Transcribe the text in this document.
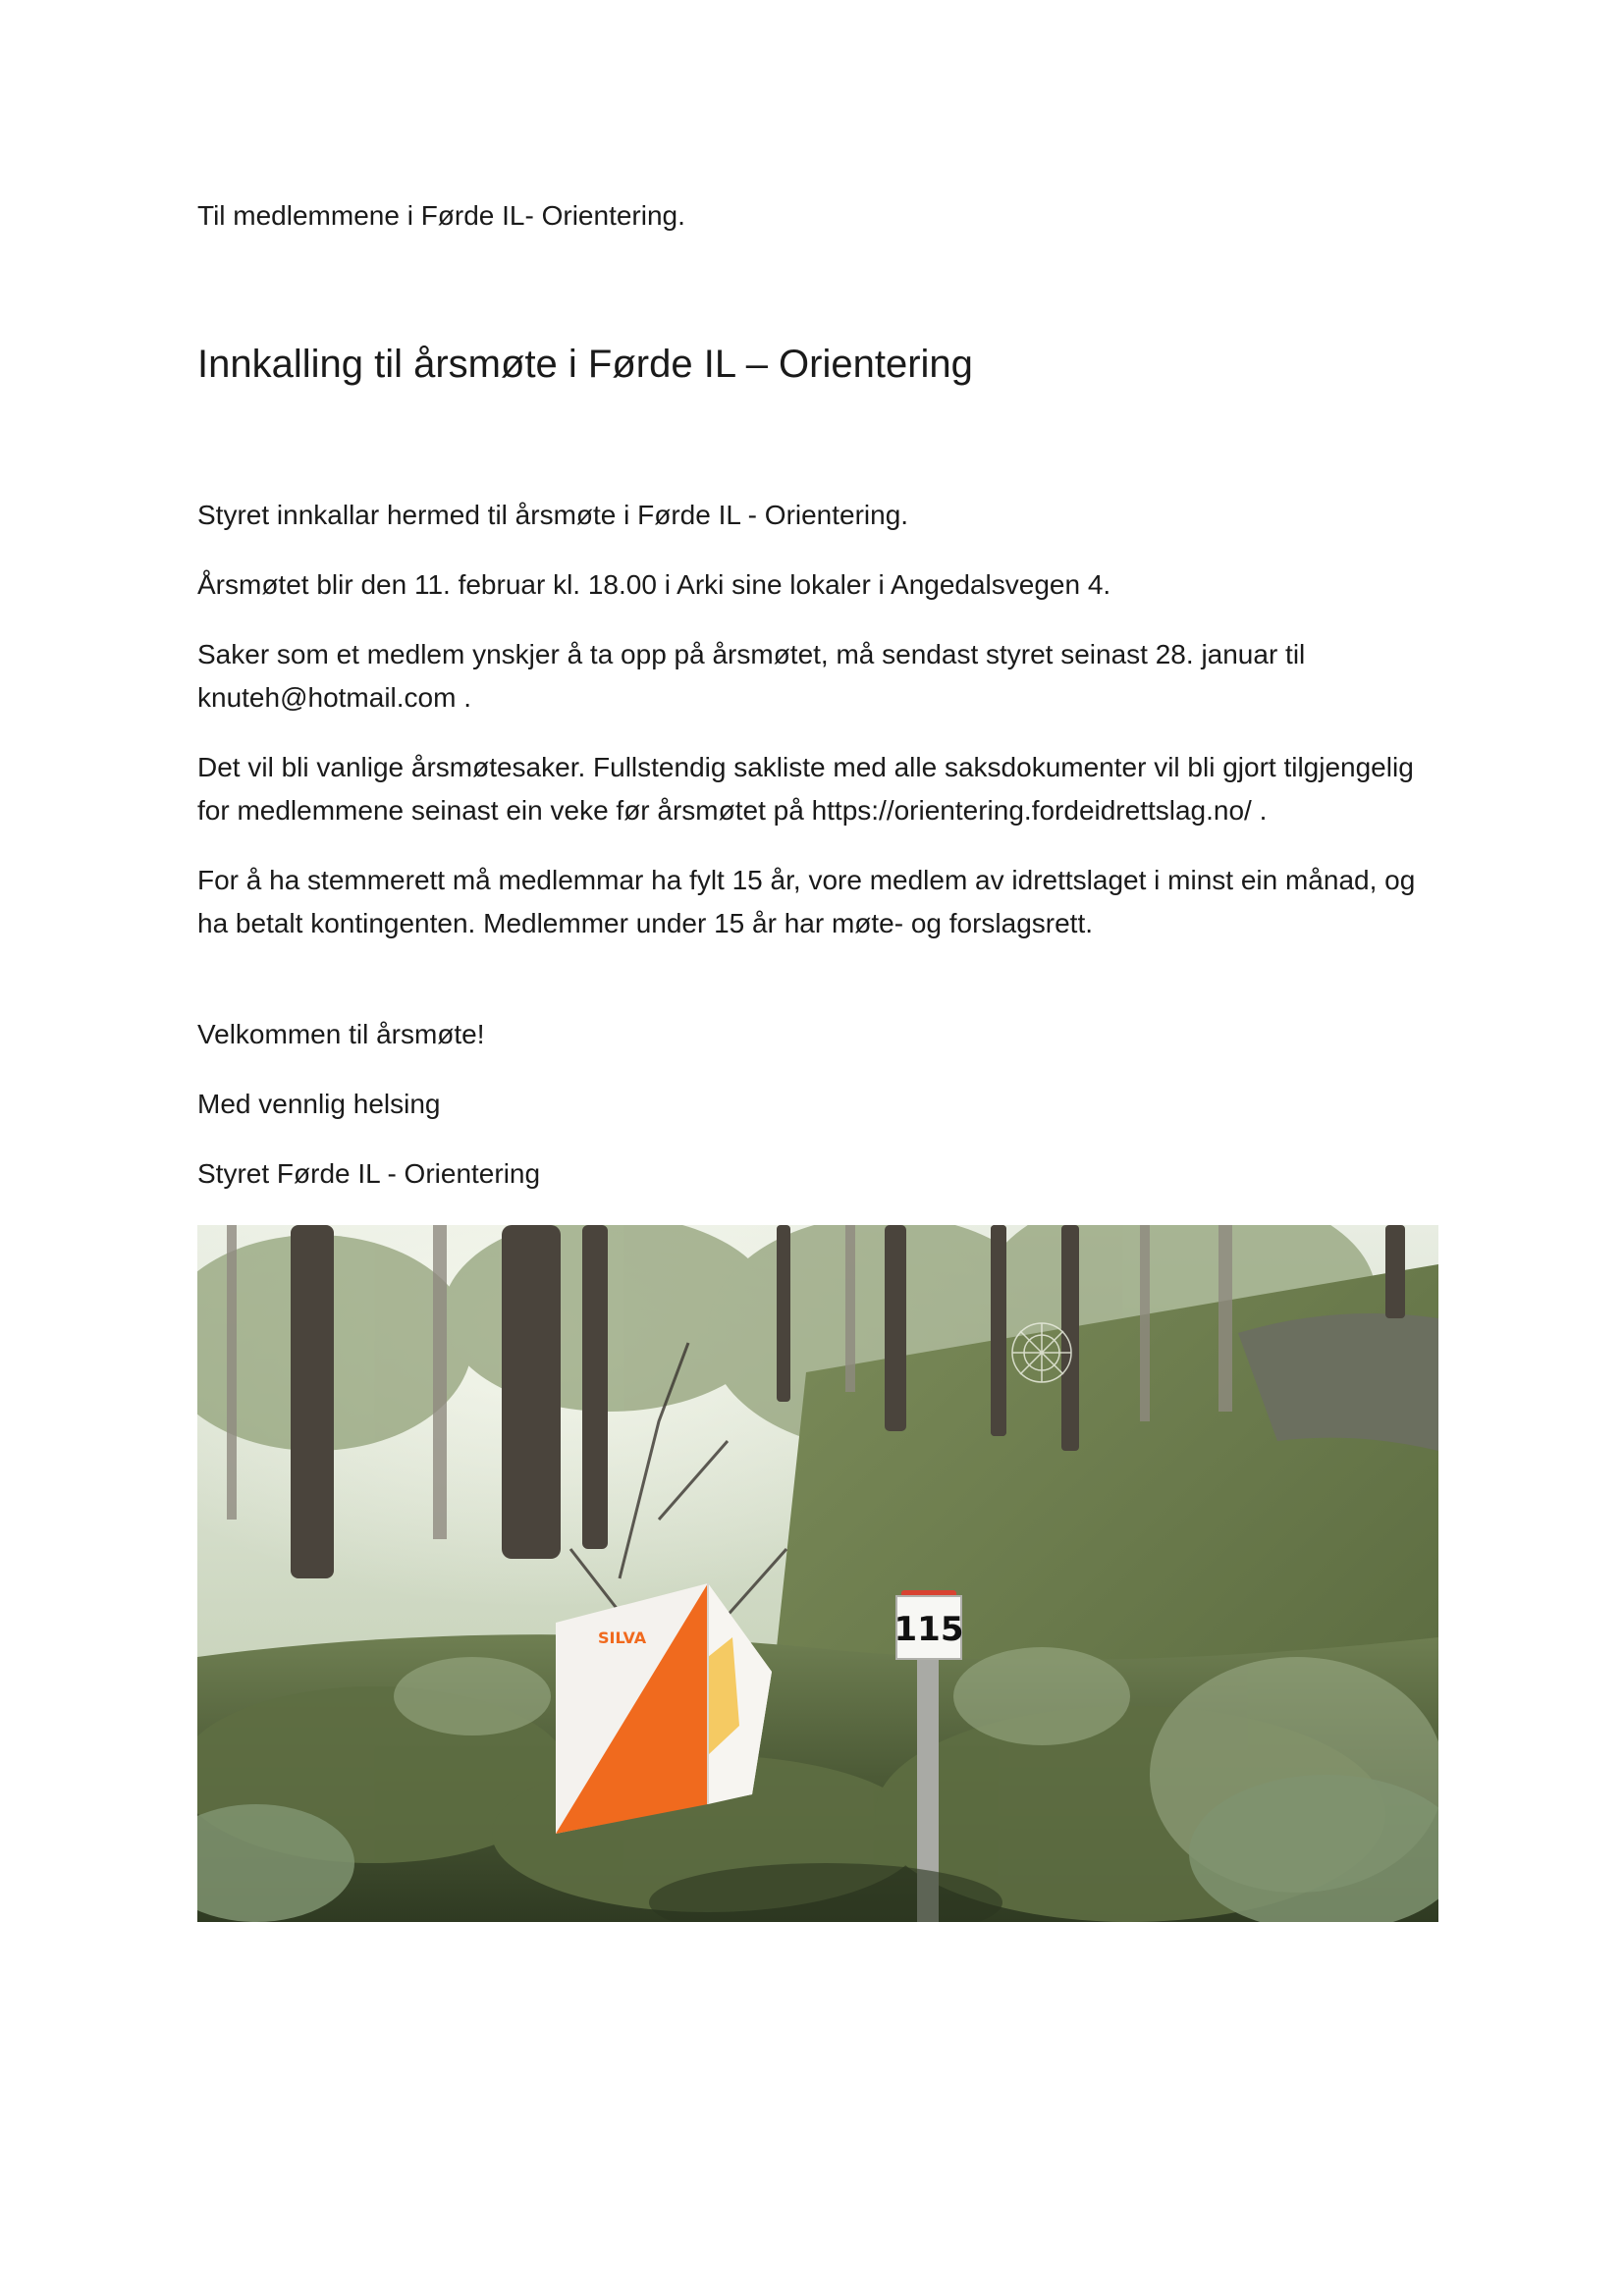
Til medlemmene i Førde IL- Orientering.
Innkalling til årsmøte i Førde IL – Orientering
Styret innkallar hermed til årsmøte i Førde IL - Orientering.
Årsmøtet blir den 11. februar kl. 18.00 i Arki sine lokaler i Angedalsvegen 4.
Saker som et medlem ynskjer å ta opp på årsmøtet, må sendast styret seinast 28. januar til
knuteh@hotmail.com .
Det vil bli vanlige årsmøtesaker. Fullstendig sakliste med alle saksdokumenter vil bli gjort tilgjengelig
for medlemmene seinast ein veke før årsmøtet på https://orientering.fordeidrettslag.no/ .
For å ha stemmerett må medlemmar ha fylt 15 år, vore medlem av idrettslaget i minst ein månad, og
ha betalt kontingenten. Medlemmer under 15 år har møte- og forslagsrett.
Velkommen til årsmøte!
Med vennlig helsing
Styret Førde IL - Orientering
115
SILVA
